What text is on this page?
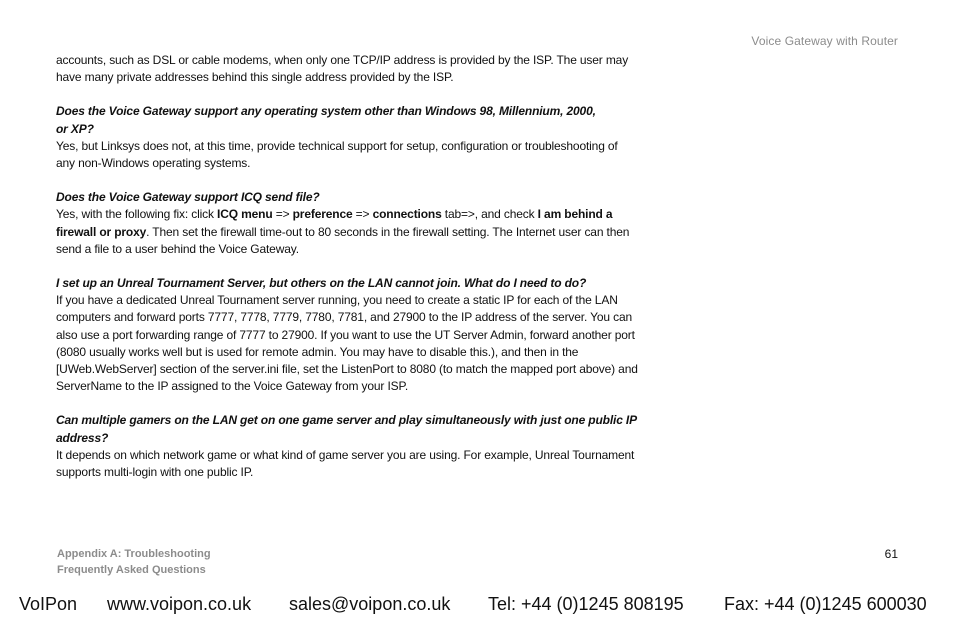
Voice Gateway with Router

accounts, such as DSL or cable modems, when only one TCP/IP address is provided by the ISP. The user may
have many private addresses behind this single address provided by the ISP.

Does the Voice Gateway support any operating system other than Windows 98, Millennium, 2000,
or XP?

Yes, but Linksys does not, at this time, provide technical support for setup, configuration or troubleshooting of
any non-Windows operating systems.

Does the Voice Gateway support ICQ send file?

Yes, with the following fix: click ICQ menu => preference => connections tab=>, and check I am behind a
firewall or proxy. Then set the firewall time-out to 80 seconds in the firewall setting. The Internet user can then
send a file to a user behind the Voice Gateway.

I set up an Unreal Tournament Server, but others on the LAN cannot join. What do I need to do?

If you have a dedicated Unreal Tournament server running, you need to create a static IP for each of the LAN
computers and forward ports 7777, 7778, 7779, 7780, 7781, and 27900 to the IP address of the server. You can
also use a port forwarding range of 7777 to 27900. If you want to use the UT Server Admin, forward another port
(8080 usually works well but is used for remote admin. You may have to disable this.), and then in the
[UWeb.WebServer] section of the server.ini file, set the ListenPort to 8080 (to match the mapped port above) and
ServerName to the IP assigned to the Voice Gateway from your ISP.

Can multiple gamers on the LAN get on one game server and play simultaneously with just one public IP
address?

It depends on which network game or what kind of game server you are using. For example, Unreal Tournament
supports multi-login with one public IP.

Appendix A: Troubleshooting
Frequently Asked Questions
61
VoIPon www.voipon.co.uk sales@voipon.co.uk Tel: +44 (0)1245 808195 Fax: +44 (0)1245 600030
